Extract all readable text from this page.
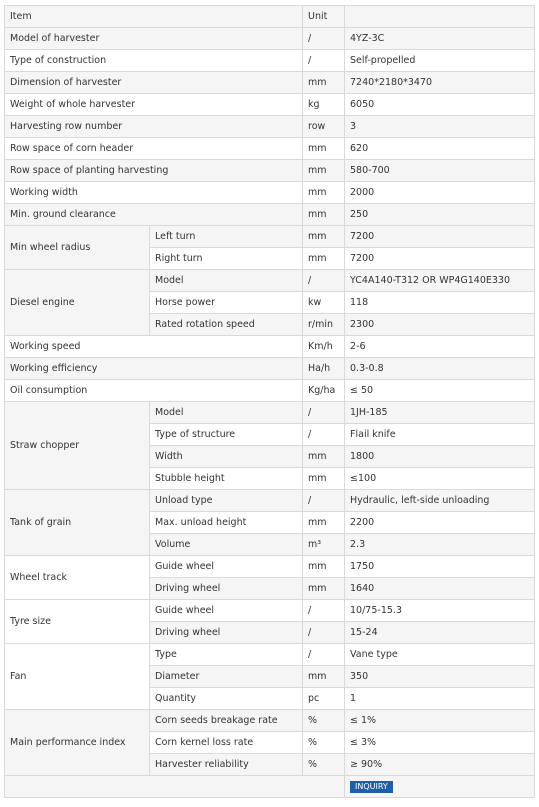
Item		Unit	
Model of harvester		/	4YZ-3C
Type of construction		/	Self-propelled
Dimension of harvester		mm	7240*2180*3470
Weight of whole harvester		kg	6050
Harvesting row number		row	3
Row space of corn header		mm	620
Row space of planting harvesting		mm	580-700
Working width		mm	2000
Min. ground clearance		mm	250
Min wheel radius	Left turn	mm	7200
	Right turn	mm	7200
Diesel engine	Model	/	YC4A140-T312 OR WP4G140E330
	Horse power	kw	118
	Rated rotation speed	r/min	2300
Working speed		Km/h	2-6
Working efficiency		Ha/h	0.3-0.8
Oil consumption		Kg/ha	≤ 50
Straw chopper	Model	/	1JH-185
	Type of structure	/	Flail knife
	Width	mm	1800
	Stubble height	mm	≤100
Tank of grain	Unload type	/	Hydraulic, left-side unloading
	Max. unload height	mm	2200
	Volume	m³	2.3
Wheel track	Guide wheel	mm	1750
	Driving wheel	mm	1640
Tyre size	Guide wheel	/	10/75-15.3
	Driving wheel	/	15-24
Fan	Type	/	Vane type
	Diameter	mm	350
	Quantity	pc	1
Main performance index	Corn seeds breakage rate	%	≤ 1%
	Corn kernel loss rate	%	≤ 3%
	Harvester reliability	%	≥ 90%
			INQUIRY
